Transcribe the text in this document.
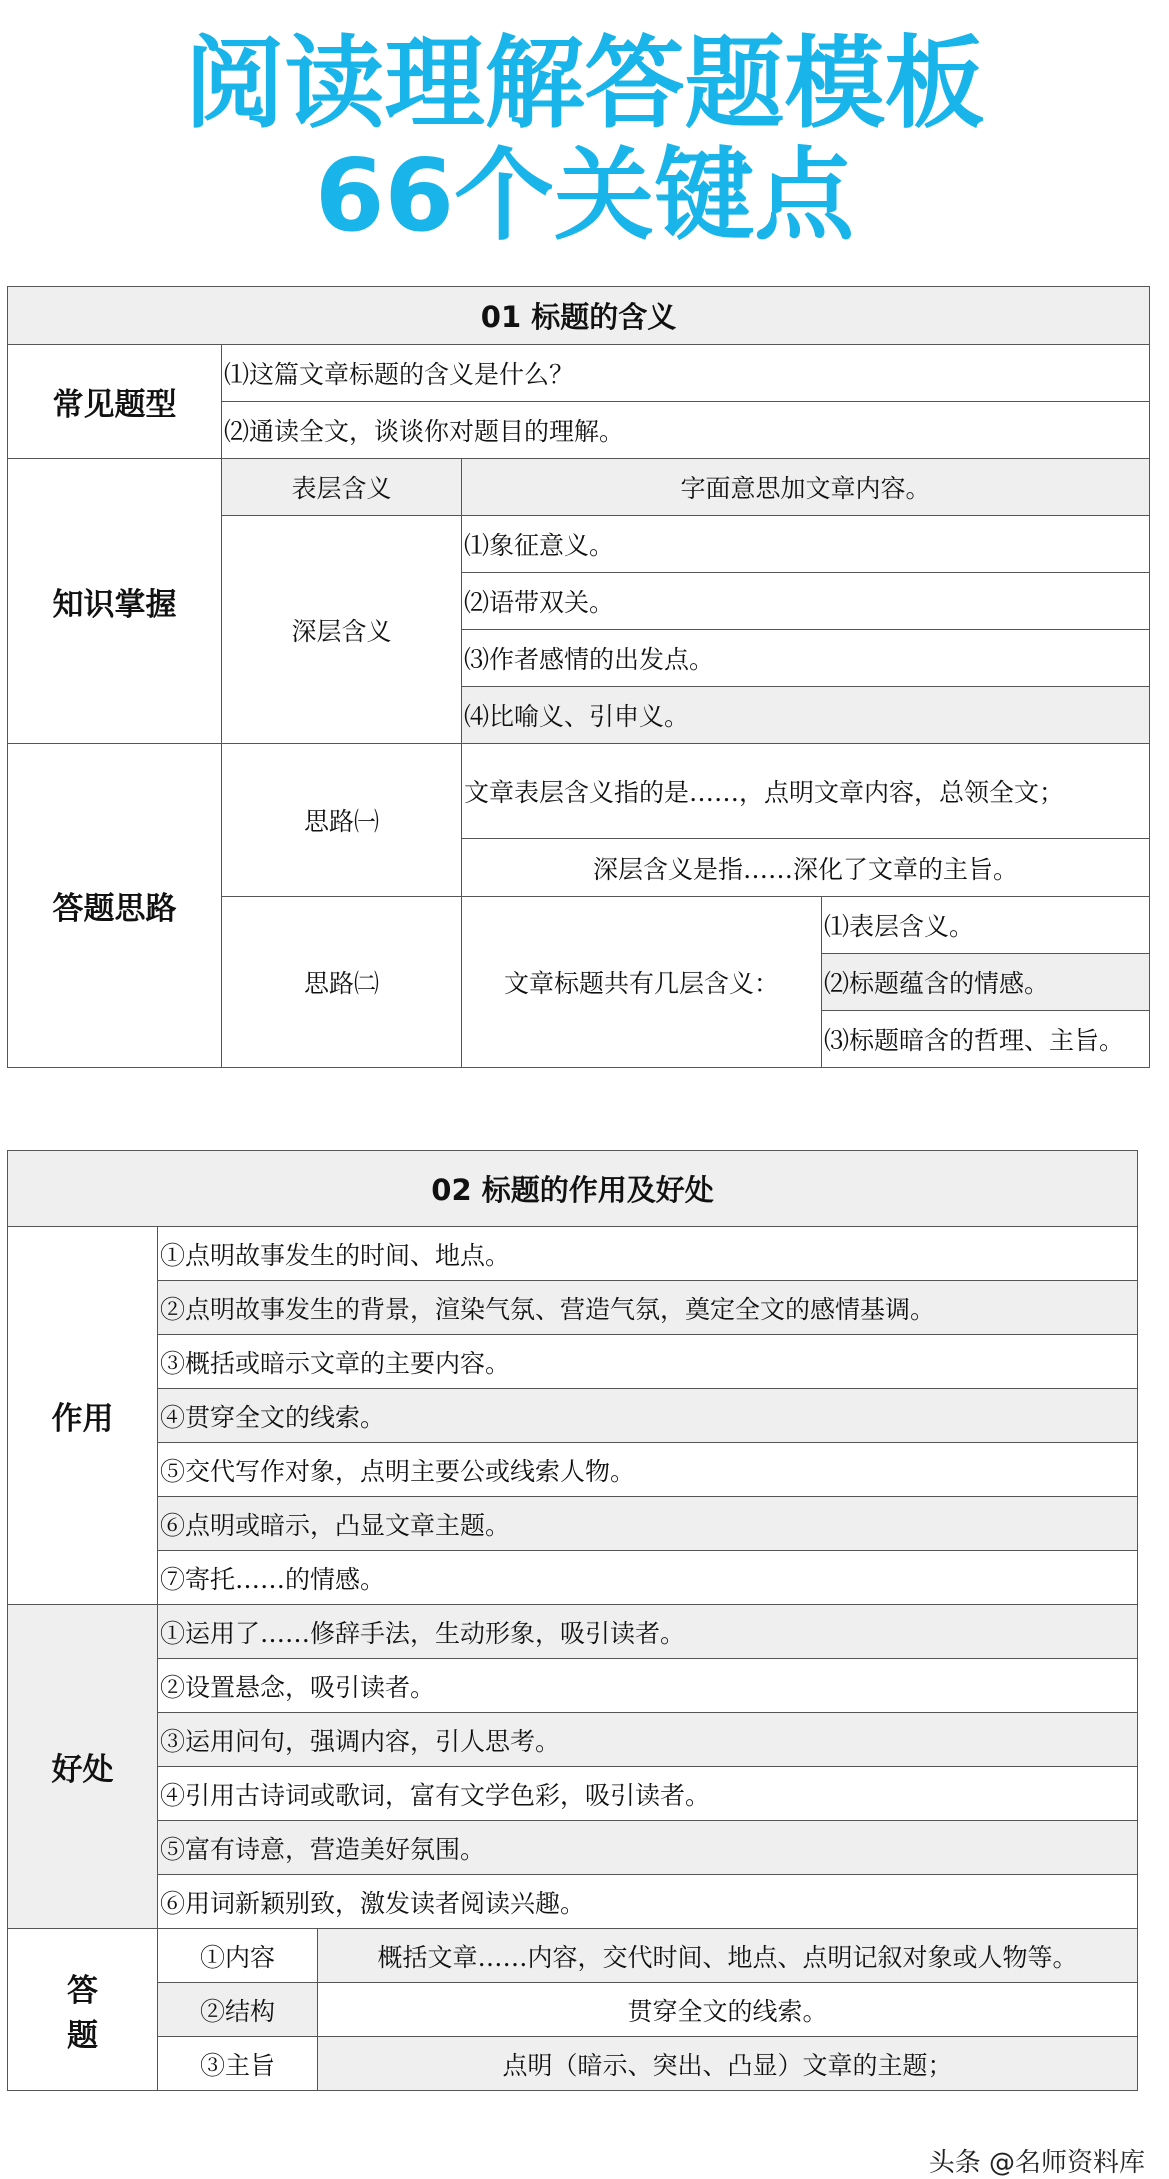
阅读理解答题模板
66个关键点
01 标题的含义			
常见题型	⑴这篇文章标题的含义是什么？		
	⑵通读全文，谈谈你对题目的理解。		
知识掌握	表层含义	字面意思加文章内容。	
	深层含义	⑴象征意义。	
		⑵语带双关。	
		⑶作者感情的出发点。	
		⑷比喻义、引申义。	
答题思路	思路㈠	文章表层含义指的是……，点明文章内容，总领全文；	
		深层含义是指……深化了文章的主旨。	
	思路㈡	文章标题共有几层含义：	⑴表层含义。
			⑵标题蕴含的情感。
			⑶标题暗含的哲理、主旨。
02 标题的作用及好处		
作用	①点明故事发生的时间、地点。	
	②点明故事发生的背景，渲染气氛、营造气氛，奠定全文的感情基调。	
	③概括或暗示文章的主要内容。	
	④贯穿全文的线索。	
	⑤交代写作对象，点明主要公或线索人物。	
	⑥点明或暗示，凸显文章主题。	
	⑦寄托……的情感。	
好处	①运用了……修辞手法，生动形象，吸引读者。	
	②设置悬念，吸引读者。	
	③运用问句，强调内容，引人思考。	
	④引用古诗词或歌词，富有文学色彩，吸引读者。	
	⑤富有诗意，营造美好氛围。	
	⑥用词新颖别致，激发读者阅读兴趣。	

答
题	①内容	概括文章……内容，交代时间、地点、点明记叙对象或人物等。
	②结构	贯穿全文的线索。
	③主旨	点明（暗示、突出、凸显）文章的主题；
头条 @名师资料库
